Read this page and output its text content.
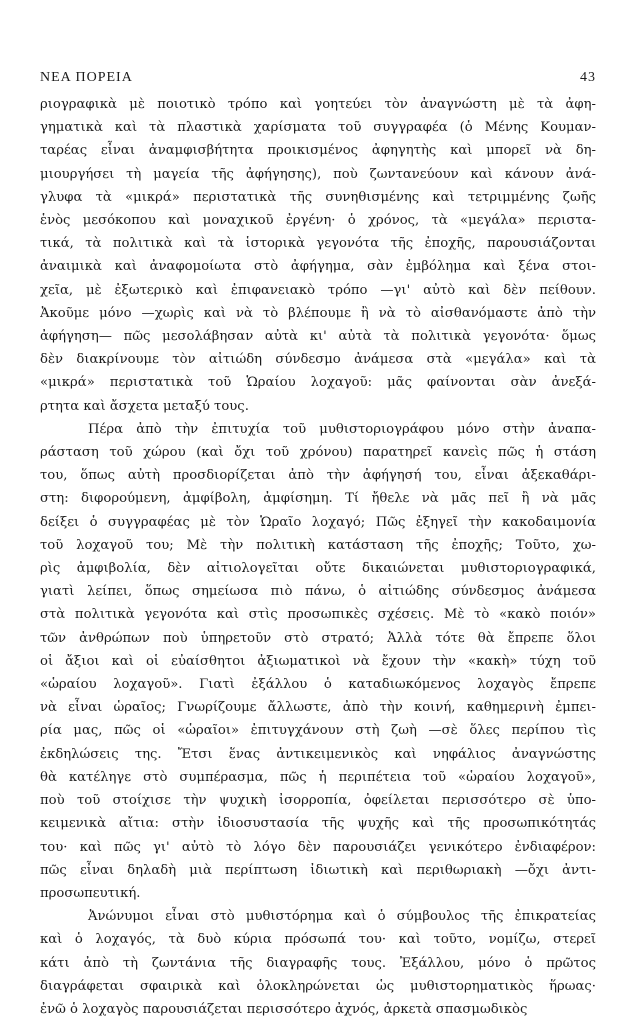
ΝΕΑ ΠΟΡΕΙΑ	43
ριογραφικὰ μὲ ποιοτικὸ τρόπο καὶ γοητεύει τὸν ἀναγνώστη μὲ τὰ ἀφη-
γηματικὰ καὶ τὰ πλαστικὰ χαρίσματα τοῦ συγγραφέα (ὁ Μένης Κουμαν-
ταρέας εἶναι ἀναμφισβήτητα προικισμένος ἀφηγητὴς καὶ μπορεῖ νὰ δη-
μιουργήσει τὴ μαγεία τῆς ἀφήγησης), ποὺ ζωντανεύουν καὶ κάνουν ἀνά-
γλυφα τὰ «μικρά» περιστατικὰ τῆς συνηθισμένης καὶ τετριμμένης ζωῆς
ἑνὸς μεσόκοπου καὶ μοναχικοῦ ἐργένη· ὁ χρόνος, τὰ «μεγάλα» περιστα-
τικά, τὰ πολιτικὰ καὶ τὰ ἱστορικὰ γεγονότα τῆς ἐποχῆς, παρουσιάζονται
ἀναιμικὰ καὶ ἀναφομοίωτα στὸ ἀφήγημα, σὰν ἐμβόλημα καὶ ξένα στοι-
χεῖα, μὲ ἐξωτερικὸ καὶ ἐπιφανειακὸ τρόπο —γι' αὐτὸ καὶ δὲν πείθουν.
Ἀκοῦμε μόνο —χωρὶς καὶ νὰ τὸ βλέπουμε ἢ νὰ τὸ αἰσθανόμαστε ἀπὸ τὴν
ἀφήγηση— πῶς μεσολάβησαν αὐτὰ κι' αὐτὰ τὰ πολιτικὰ γεγονότα· ὅμως
δὲν διακρίνουμε τὸν αἰτιώδη σύνδεσμο ἀνάμεσα στὰ «μεγάλα» καὶ τὰ
«μικρά» περιστατικὰ τοῦ Ὡραίου λοχαγοῦ: μᾶς φαίνονται σὰν ἀνεξά-
ρτητα καὶ ἄσχετα μεταξύ τους.
Πέρα ἀπὸ τὴν ἐπιτυχία τοῦ μυθιστοριογράφου μόνο στὴν ἀναπα-
ράσταση τοῦ χώρου (καὶ ὄχι τοῦ χρόνου) παρατηρεῖ κανεὶς πῶς ἡ στάση
του, ὅπως αὐτὴ προσδιορίζεται ἀπὸ τὴν ἀφήγησή του, εἶναι ἀξεκαθάρι-
στη: διφορούμενη, ἀμφίβολη, ἀμφίσημη. Τί ἤθελε νὰ μᾶς πεῖ ἢ νὰ μᾶς
δείξει ὁ συγγραφέας μὲ τὸν Ὡραῖο λοχαγό; Πῶς ἐξηγεῖ τὴν κακοδαιμονία
τοῦ λοχαγοῦ του; Μὲ τὴν πολιτικὴ κατάσταση τῆς ἐποχῆς; Τοῦτο, χω-
ρὶς ἀμφιβολία, δὲν αἰτιολογεῖται οὔτε δικαιώνεται μυθιστοριογραφικά,
γιατὶ λείπει, ὅπως σημείωσα πιὸ πάνω, ὁ αἰτιώδης σύνδεσμος ἀνάμεσα
στὰ πολιτικὰ γεγονότα καὶ στὶς προσωπικὲς σχέσεις. Μὲ τὸ «κακὸ ποιόν»
τῶν ἀνθρώπων ποὺ ὑπηρετοῦν στὸ στρατό; Ἀλλὰ τότε θὰ ἔπρεπε ὅλοι
οἱ ἄξιοι καὶ οἱ εὐαίσθητοι ἀξιωματικοὶ νὰ ἔχουν τὴν «κακὴ» τύχη τοῦ
«ὡραίου λοχαγοῦ». Γιατὶ ἐξάλλου ὁ καταδιωκόμενος λοχαγὸς ἔπρεπε
νὰ εἶναι ὡραῖος; Γνωρίζουμε ἄλλωστε, ἀπὸ τὴν κοινή, καθημερινὴ ἐμπει-
ρία μας, πῶς οἱ «ὡραῖοι» ἐπιτυγχάνουν στὴ ζωὴ —σὲ ὅλες περίπου τὶς
ἐκδηλώσεις της. Ἔτσι ἕνας ἀντικειμενικὸς καὶ νηφάλιος ἀναγνώστης
θὰ κατέληγε στὸ συμπέρασμα, πῶς ἡ περιπέτεια τοῦ «ὡραίου λοχαγοῦ»,
ποὺ τοῦ στοίχισε τὴν ψυχικὴ ἰσορροπία, ὀφείλεται περισσότερο σὲ ὑπο-
κειμενικὰ αἴτια: στὴν ἰδιοσυστασία τῆς ψυχῆς καὶ τῆς προσωπικότητάς
του· καὶ πῶς γι' αὐτὸ τὸ λόγο δὲν παρουσιάζει γενικότερο ἐνδιαφέρον:
πῶς εἶναι δηλαδὴ μιὰ περίπτωση ἰδιωτικὴ καὶ περιθωριακὴ —ὄχι ἀντι-
προσωπευτική.
Ἀνώνυμοι εἶναι στὸ μυθιστόρημα καὶ ὁ σύμβουλος τῆς ἐπικρατείας
καὶ ὁ λοχαγός, τὰ δυὸ κύρια πρόσωπά του· καὶ τοῦτο, νομίζω, στερεῖ
κάτι ἀπὸ τὴ ζωντάνια τῆς διαγραφῆς τους. Ἐξάλλου, μόνο ὁ πρῶτος
διαγράφεται σφαιρικὰ καὶ ὁλοκληρώνεται ὡς μυθιστορηματικὸς ἥρωας·
ἐνῶ ὁ λοχαγὸς παρουσιάζεται περισσότερο ἀχνός, ἀρκετὰ σπασμωδικὸς
